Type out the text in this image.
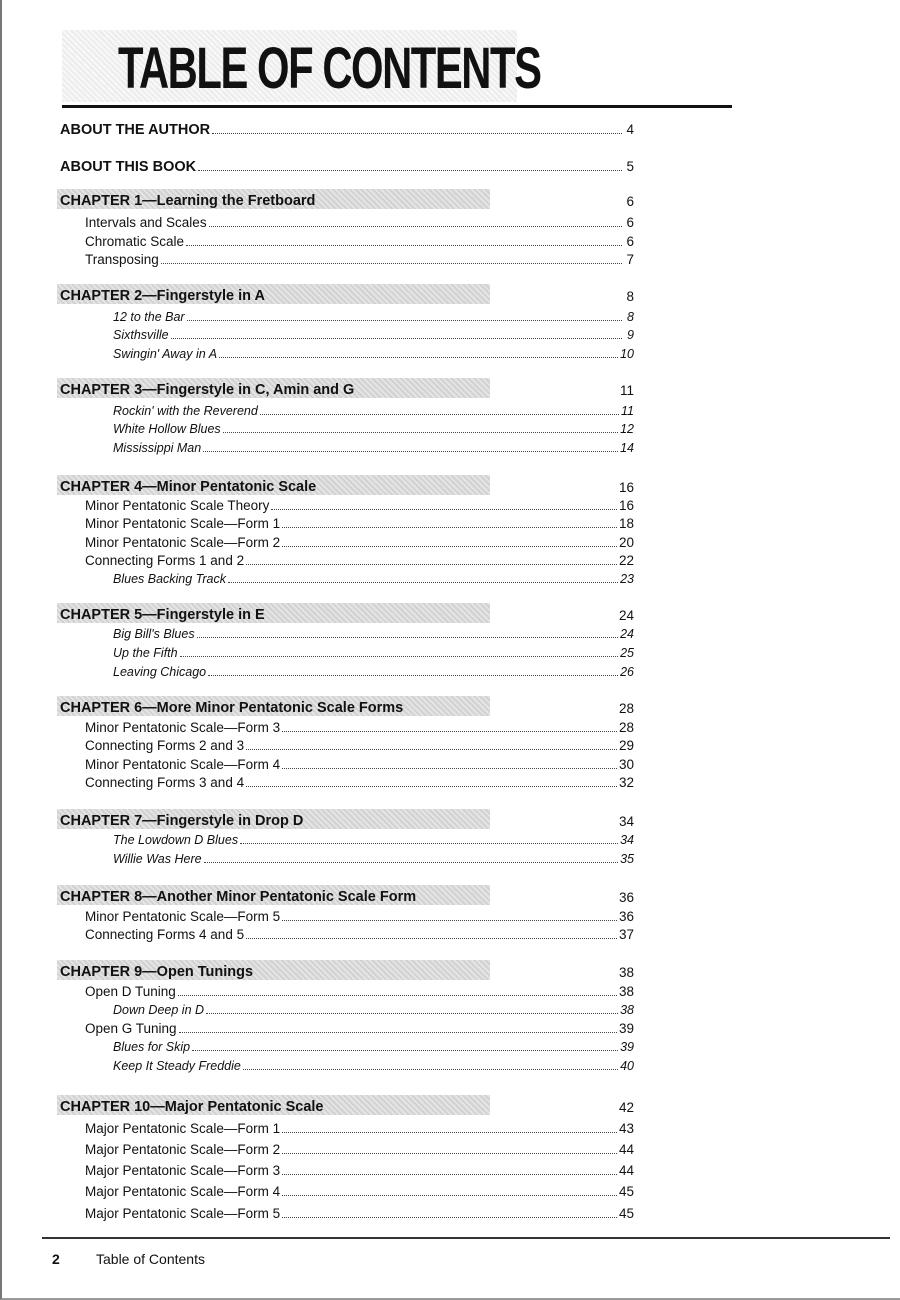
TABLE OF CONTENTS
ABOUT THE AUTHOR	4
ABOUT THIS BOOK	5
CHAPTER 1—Learning the Fretboard	6
Intervals and Scales	6
Chromatic Scale	6
Transposing	7
CHAPTER 2—Fingerstyle in A	8
12 to the Bar	8
Sixthsville	9
Swingin' Away in A	10
CHAPTER 3—Fingerstyle in C, Amin and G	11
Rockin' with the Reverend	11
White Hollow Blues	12
Mississippi Man	14
CHAPTER 4—Minor Pentatonic Scale	16
Minor Pentatonic Scale Theory	16
Minor Pentatonic Scale—Form 1	18
Minor Pentatonic Scale—Form 2	20
Connecting Forms 1 and 2	22
Blues Backing Track	23
CHAPTER 5—Fingerstyle in E	24
Big Bill's Blues	24
Up the Fifth	25
Leaving Chicago	26
CHAPTER 6—More Minor Pentatonic Scale Forms	28
Minor Pentatonic Scale—Form 3	28
Connecting Forms 2 and 3	29
Minor Pentatonic Scale—Form 4	30
Connecting Forms 3 and 4	32
CHAPTER 7—Fingerstyle in Drop D	34
The Lowdown D Blues	34
Willie Was Here	35
CHAPTER 8—Another Minor Pentatonic Scale Form	36
Minor Pentatonic Scale—Form 5	36
Connecting Forms 4 and 5	37
CHAPTER 9—Open Tunings	38
Open D Tuning	38
Down Deep in D	38
Open G Tuning	39
Blues for Skip	39
Keep It Steady Freddie	40
CHAPTER 10—Major Pentatonic Scale	42
Major Pentatonic Scale—Form 1	43
Major Pentatonic Scale—Form 2	44
Major Pentatonic Scale—Form 3	44
Major Pentatonic Scale—Form 4	45
Major Pentatonic Scale—Form 5	45
2	Table of Contents
